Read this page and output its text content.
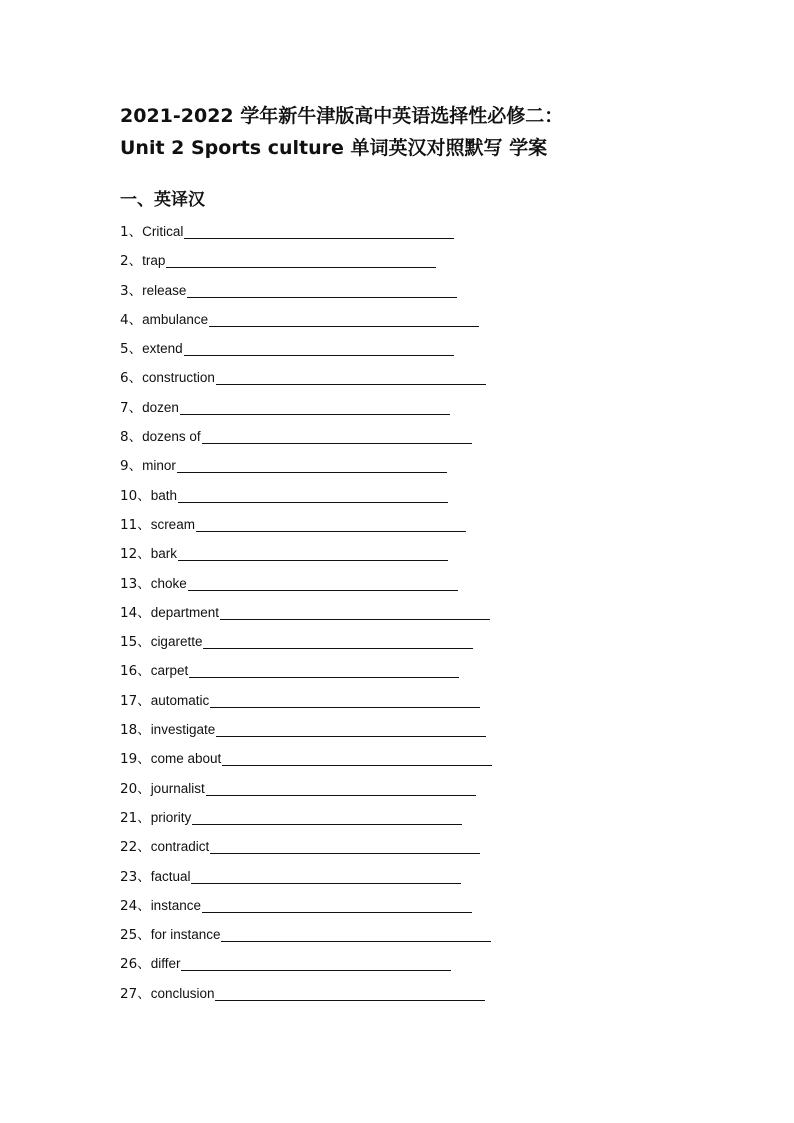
2021-2022 学年新牛津版高中英语选择性必修二：
Unit 2 Sports culture 单词英汉对照默写 学案
一、英译汉
1、 Critical
2、 trap
3、 release
4、 ambulance
5、 extend
6、 construction
7、 dozen
8、 dozens of
9、 minor
10、 bath
11、 scream
12、 bark
13、 choke
14、 department
15、 cigarette
16、 carpet
17、 automatic
18、 investigate
19、 come about
20、 journalist
21、 priority
22、 contradict
23、 factual
24、 instance
25、 for instance
26、 differ
27、 conclusion
